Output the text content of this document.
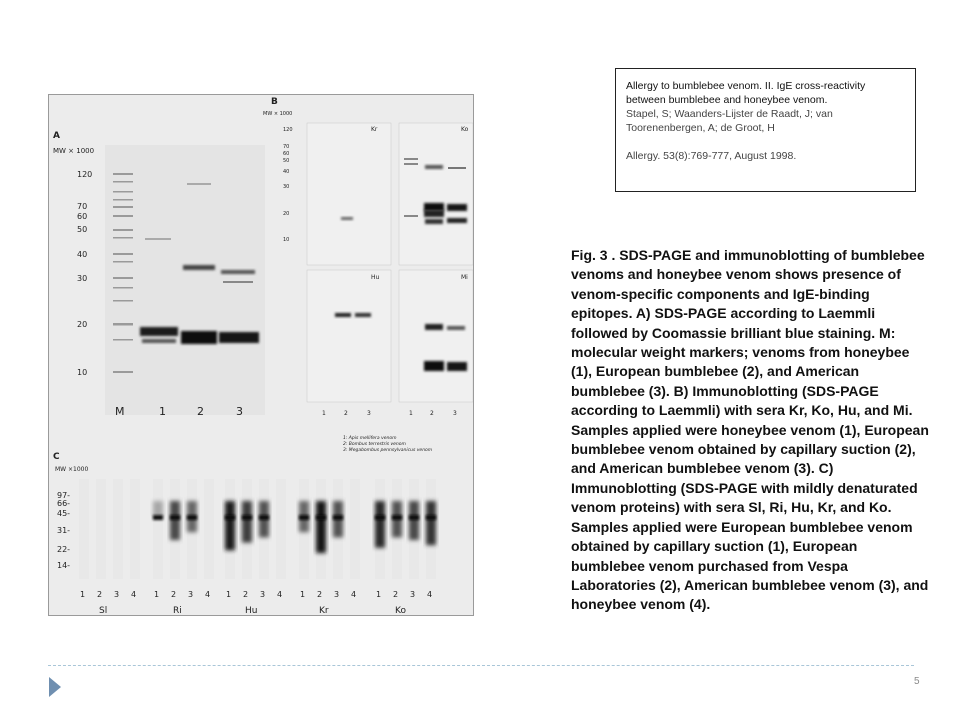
A
MW × 1000
120
70
60
50
40
30
20
10
M	1	2	3
B
MW × 1000
Kr	Ko
Hu	Mi
120
70
60
50
40
30
20
10
1	2	3	1	2	3
1: Apis mellifera venom
2: Bombus terrestris venom
3: Megabombus pennsylvanicus venom
C
MW ×1000
97-
66-
45-
31-
22-
14-
1 2 3 4 1 2 3 4 1 2 3 4 1 2 3 4 1 2 3 4
Sl	Ri	Hu	Kr	Ko
Allergy to bumblebee venom. II. IgE cross-reactivity between bumblebee and honeybee venom.
Stapel, S; Waanders-Lijster de Raadt, J; van Toorenenbergen, A; de Groot, H
Allergy. 53(8):769-777, August 1998.
Fig. 3 . SDS-PAGE and immunoblotting of bumblebee venoms and honeybee venom shows presence of venom-specific components and IgE-binding epitopes. A) SDS-PAGE according to Laemmli followed by Coomassie brilliant blue staining. M: molecular weight markers; venoms from honeybee (1), European bumblebee (2), and American bumblebee (3). B) Immunoblotting (SDS-PAGE according to Laemmli) with sera Kr, Ko, Hu, and Mi. Samples applied were honeybee venom (1), European bumblebee venom obtained by capillary suction (2), and American bumblebee venom (3). C) Immunoblotting (SDS-PAGE with mildly denaturated venom proteins) with sera Sl, Ri, Hu, Kr, and Ko. Samples applied were European bumblebee venom obtained by capillary suction (1), European bumblebee venom purchased from Vespa Laboratories (2), American bumblebee venom (3), and honeybee venom (4).
5
